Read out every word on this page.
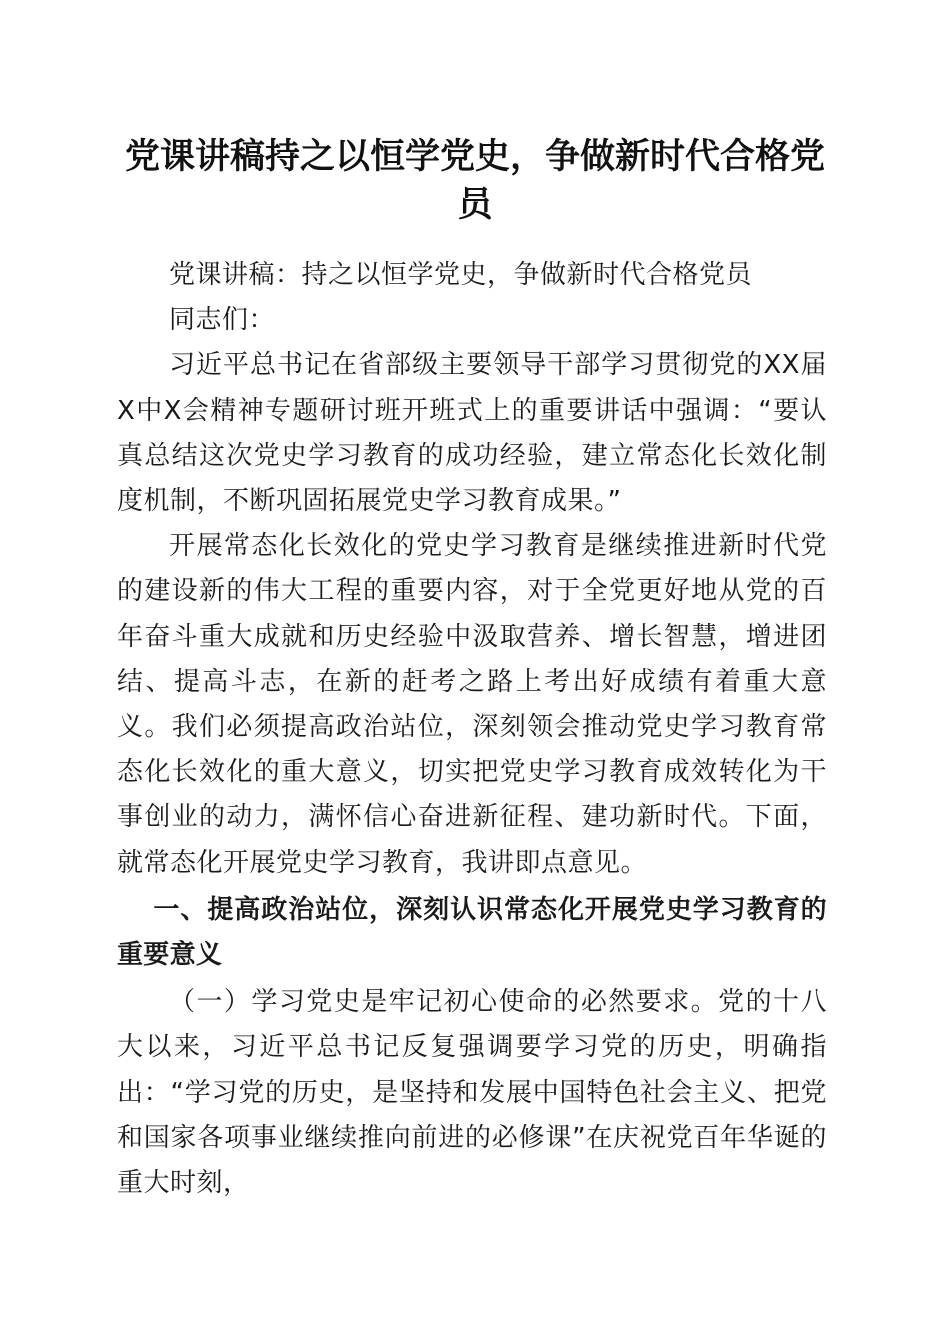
党课讲稿持之以恒学党史，争做新时代合格党员

党课讲稿：持之以恒学党史，争做新时代合格党员

同志们：

习近平总书记在省部级主要领导干部学习贯彻党的XX届X中X会精神专题研讨班开班式上的重要讲话中强调：“要认真总结这次党史学习教育的成功经验，建立常态化长效化制度机制，不断巩固拓展党史学习教育成果。”

开展常态化长效化的党史学习教育是继续推进新时代党的建设新的伟大工程的重要内容，对于全党更好地从党的百年奋斗重大成就和历史经验中汲取营养、增长智慧，增进团结、提高斗志，在新的赶考之路上考出好成绩有着重大意义。我们必须提高政治站位，深刻领会推动党史学习教育常态化长效化的重大意义，切实把党史学习教育成效转化为干事创业的动力，满怀信心奋进新征程、建功新时代。下面，就常态化开展党史学习教育，我讲即点意见。

一、提高政治站位，深刻认识常态化开展党史学习教育的重要意义

（一）学习党史是牢记初心使命的必然要求。党的十八大以来，习近平总书记反复强调要学习党的历史，明确指出：“学习党的历史，是坚持和发展中国特色社会主义、把党和国家各项事业继续推向前进的必修课”在庆祝党百年华诞的重大时刻，
